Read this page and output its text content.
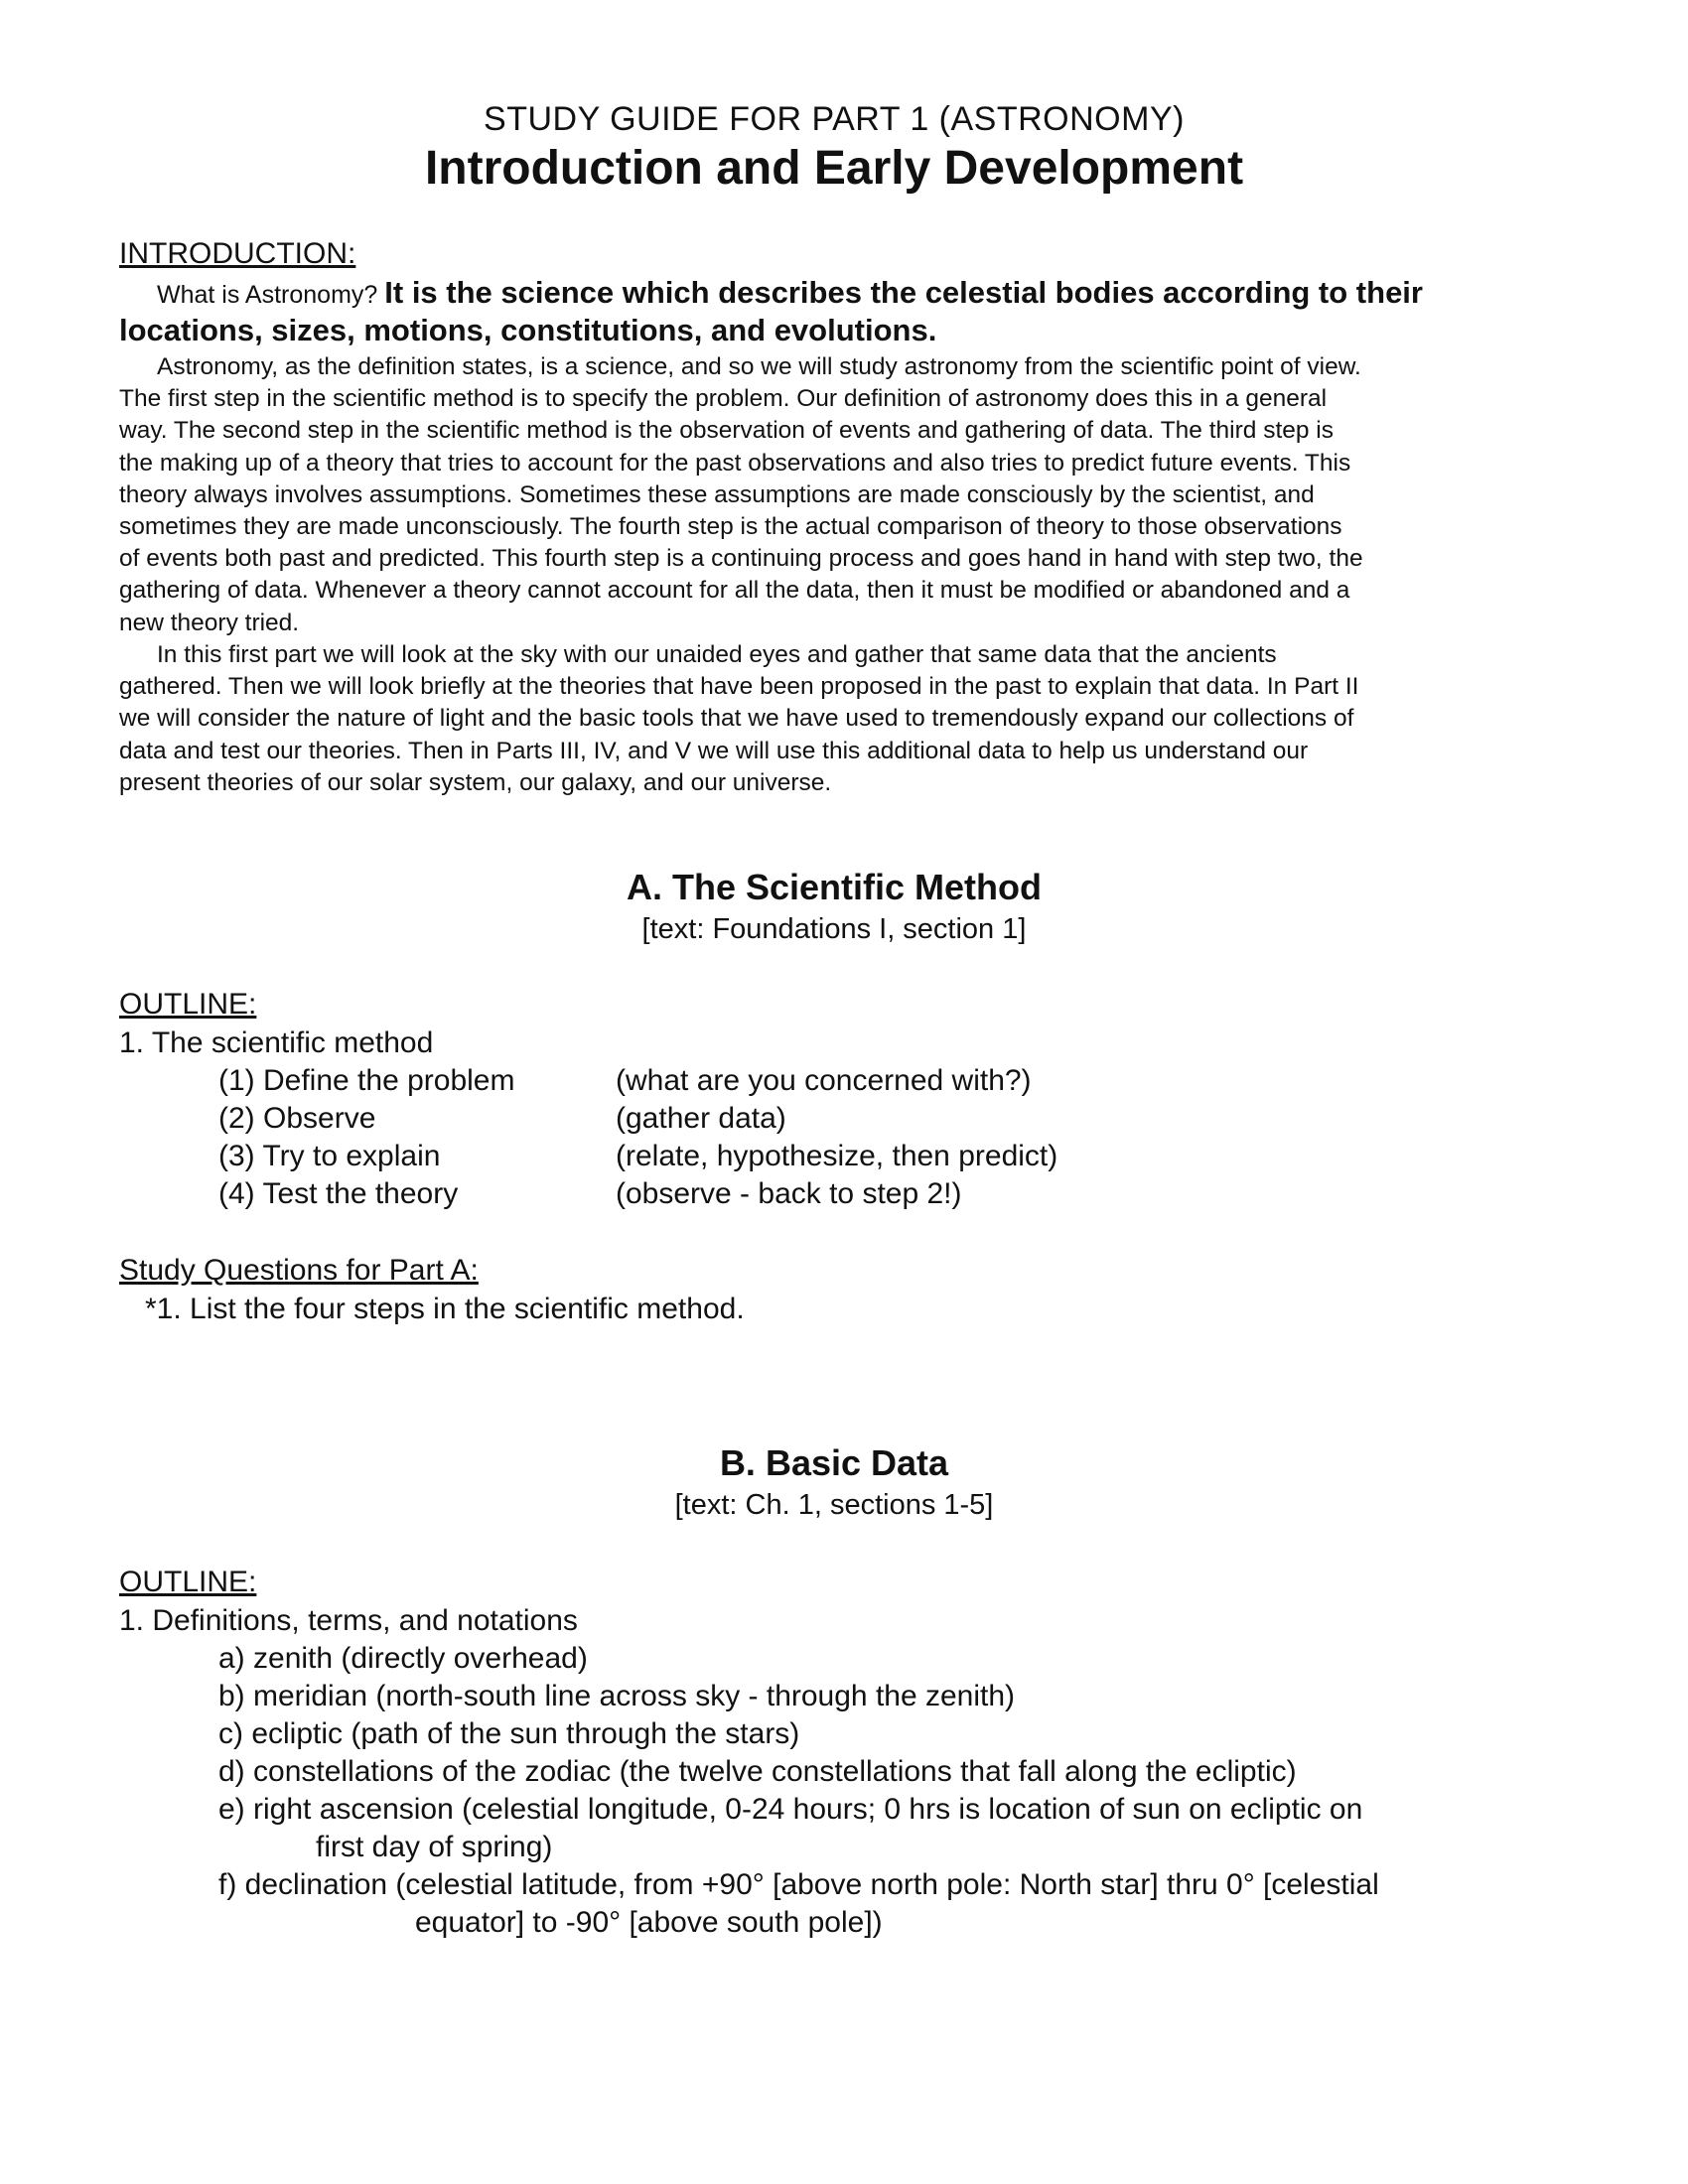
STUDY GUIDE FOR PART 1 (ASTRONOMY)
Introduction and Early Development
INTRODUCTION:
What is Astronomy? It is the science which describes the celestial bodies according to their
locations, sizes, motions, constitutions, and evolutions.
Astronomy, as the definition states, is a science, and so we will study astronomy from the scientific point of view.
The first step in the scientific method is to specify the problem. Our definition of astronomy does this in a general
way. The second step in the scientific method is the observation of events and gathering of data. The third step is
the making up of a theory that tries to account for the past observations and also tries to predict future events. This
theory always involves assumptions. Sometimes these assumptions are made consciously by the scientist, and
sometimes they are made unconsciously. The fourth step is the actual comparison of theory to those observations
of events both past and predicted. This fourth step is a continuing process and goes hand in hand with step two, the
gathering of data. Whenever a theory cannot account for all the data, then it must be modified or abandoned and a
new theory tried.
In this first part we will look at the sky with our unaided eyes and gather that same data that the ancients
gathered. Then we will look briefly at the theories that have been proposed in the past to explain that data. In Part II
we will consider the nature of light and the basic tools that we have used to tremendously expand our collections of
data and test our theories. Then in Parts III, IV, and V we will use this additional data to help us understand our
present theories of our solar system, our galaxy, and our universe.
A. The Scientific Method
[text: Foundations I, section 1]
OUTLINE:
1. The scientific method
(1) Define the problem	(what are you concerned with?)
(2) Observe	(gather data)
(3) Try to explain	(relate, hypothesize, then predict)
(4) Test the theory	(observe - back to step 2!)
Study Questions for Part A:
*1. List the four steps in the scientific method.
B. Basic Data
[text: Ch. 1, sections 1-5]
OUTLINE:
1. Definitions, terms, and notations
a) zenith (directly overhead)
b) meridian (north-south line across sky - through the zenith)
c) ecliptic (path of the sun through the stars)
d) constellations of the zodiac (the twelve constellations that fall along the ecliptic)
e) right ascension (celestial longitude, 0-24 hours; 0 hrs is location of sun on ecliptic on
first day of spring)
f) declination (celestial latitude, from +90° [above north pole: North star] thru 0° [celestial
equator] to -90° [above south pole])
